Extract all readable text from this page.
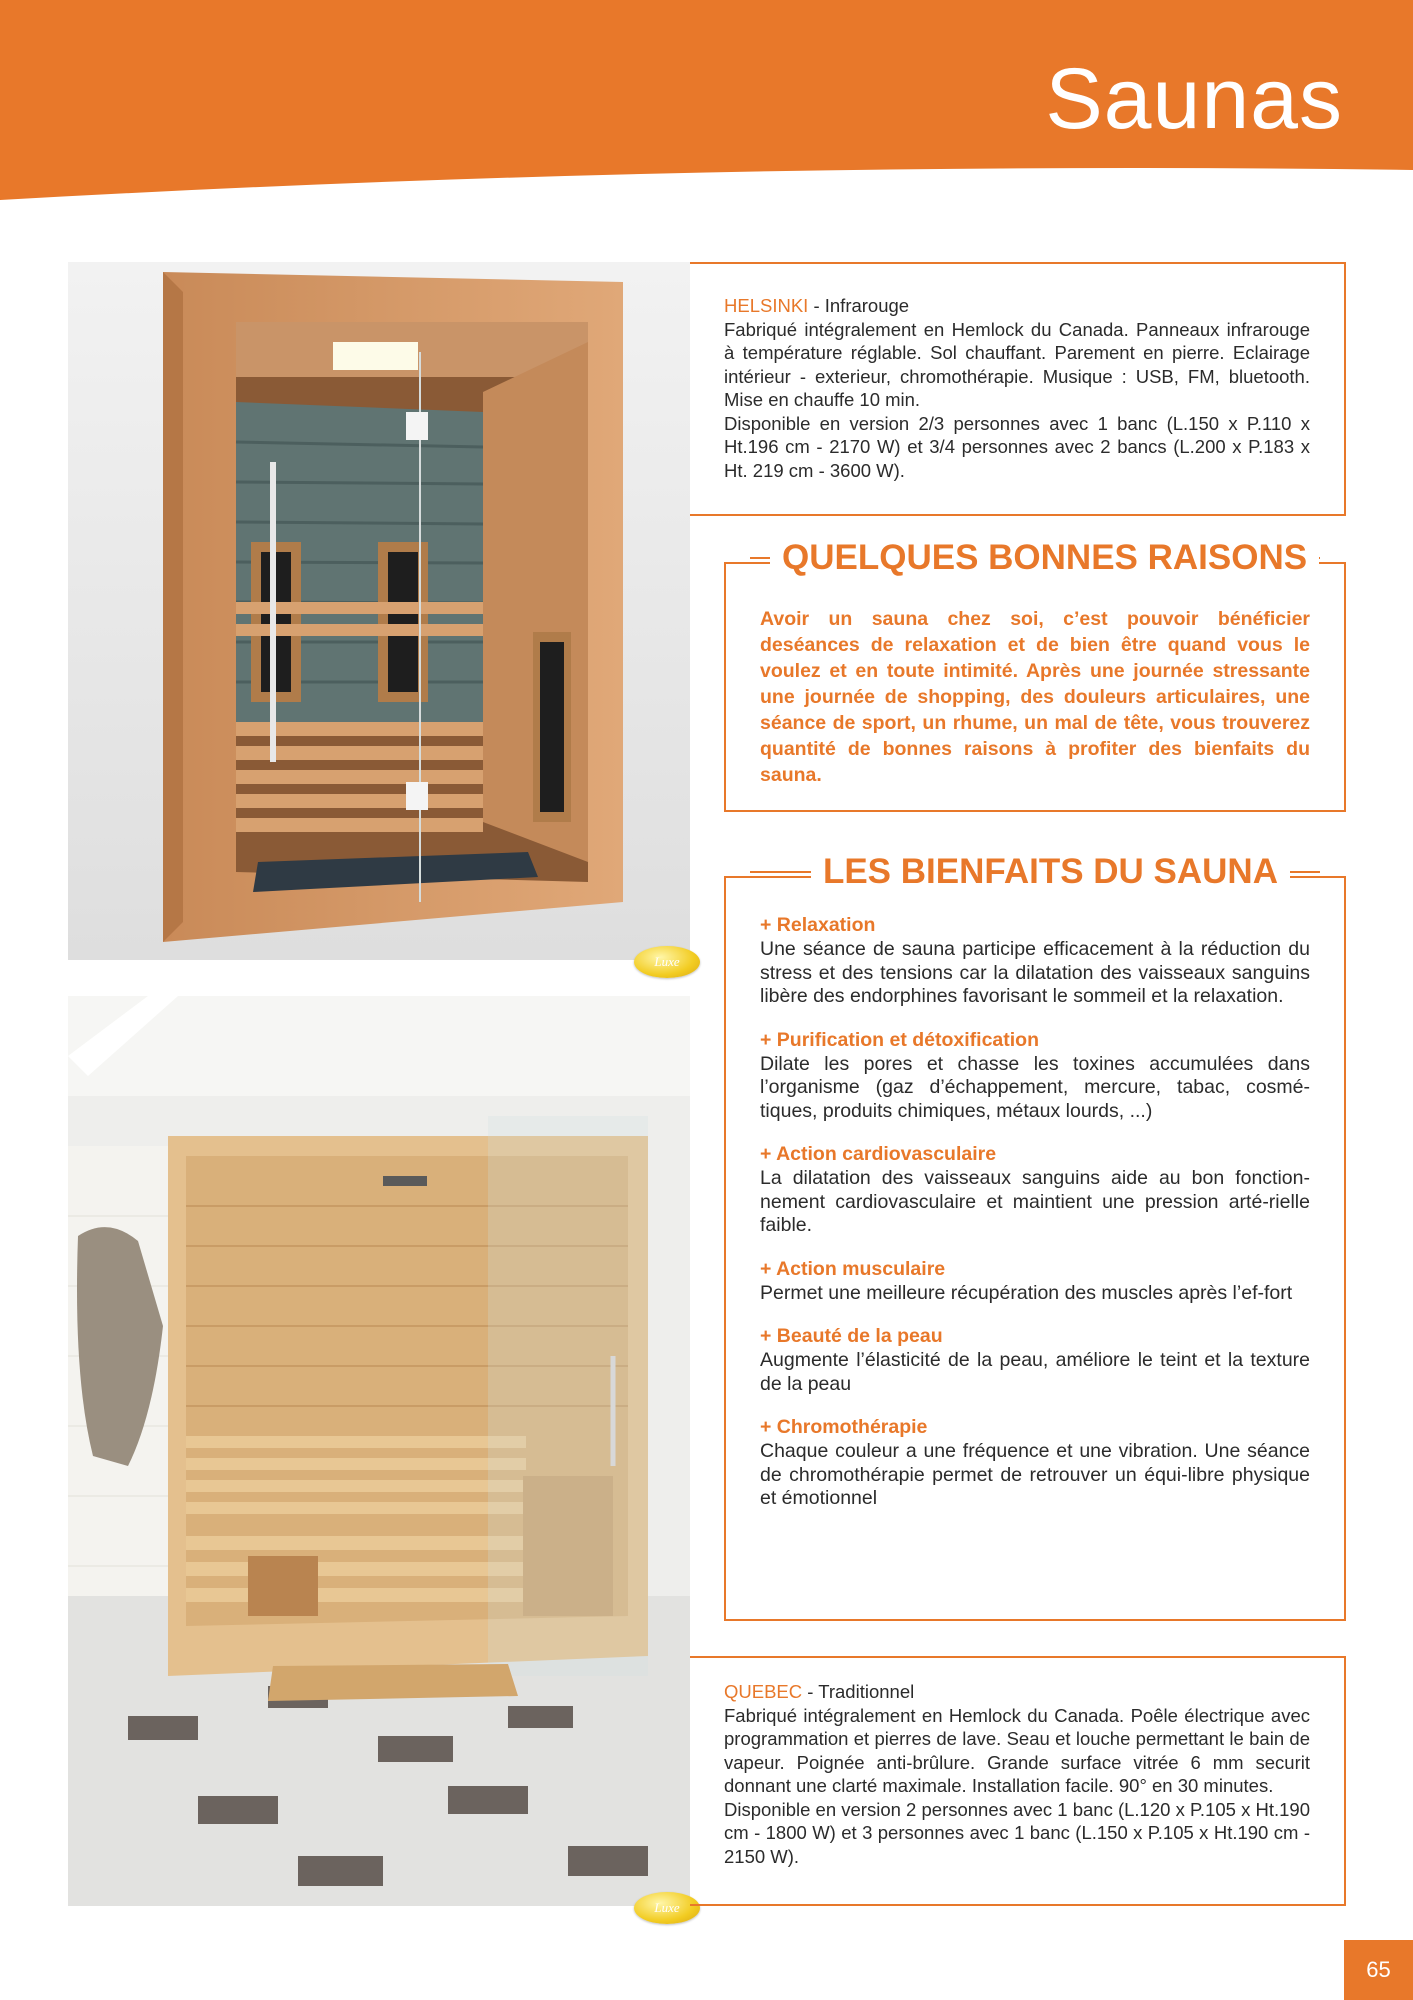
Saunas
Luxe

HELSINKI - Infrarouge

Fabriqué intégralement en Hemlock du Canada. Panneaux infrarouge à température réglable. Sol chauffant. Parement en pierre. Eclairage intérieur - exterieur, chromothérapie. Musique : USB, FM, bluetooth. Mise en chauffe 10 min.

Disponible en version 2/3 personnes avec 1 banc (L.150 x P.110 x Ht.196 cm - 2170 W) et 3/4 personnes avec 2 bancs (L.200 x P.183 x Ht. 219 cm - 3600 W).

QUELQUES BONNES RAISONS

Avoir un sauna chez soi, c’est pouvoir bénéficier deséances de relaxation et de bien être quand vous le voulez et en toute intimité. Après une journée stressante une journée de shopping, des douleurs articulaires, une séance de sport, un rhume, un mal de tête, vous trouverez quantité de bonnes raisons à profiter des bienfaits du sauna.

LES BIENFAITS DU SAUNA

+ Relaxation

Une séance de sauna participe efficacement à la réduction du stress et des tensions car la dilatation des vaisseaux sanguins libère des endorphines favorisant le sommeil et la relaxation.

+ Purification et détoxification

Dilate les pores et chasse les toxines accumulées dans l’organisme (gaz d’échappement, mercure, tabac, cosmé-tiques, produits chimiques, métaux lourds, ...)

+ Action cardiovasculaire

La dilatation des vaisseaux sanguins aide au bon fonction-nement cardiovasculaire et maintient une pression arté-rielle faible.

+ Action musculaire

Permet une meilleure récupération des muscles après l’ef-fort

+ Beauté de la peau

Augmente l’élasticité de la peau, améliore le teint et la texture de la peau

+ Chromothérapie

Chaque couleur a une fréquence et une vibration. Une séance de chromothérapie permet de retrouver un équi-libre physique et émotionnel

Luxe

QUEBEC - Traditionnel

Fabriqué intégralement en Hemlock du Canada. Poêle électrique avec programmation et pierres de lave. Seau et louche permettant le bain de vapeur. Poignée anti-brûlure. Grande surface vitrée 6 mm securit donnant une clarté maximale. Installation facile. 90° en 30 minutes.

Disponible en version 2 personnes avec 1 banc (L.120 x P.105 x Ht.190 cm - 1800 W) et 3 personnes avec 1 banc (L.150 x P.105 x Ht.190 cm - 2150 W).

65
